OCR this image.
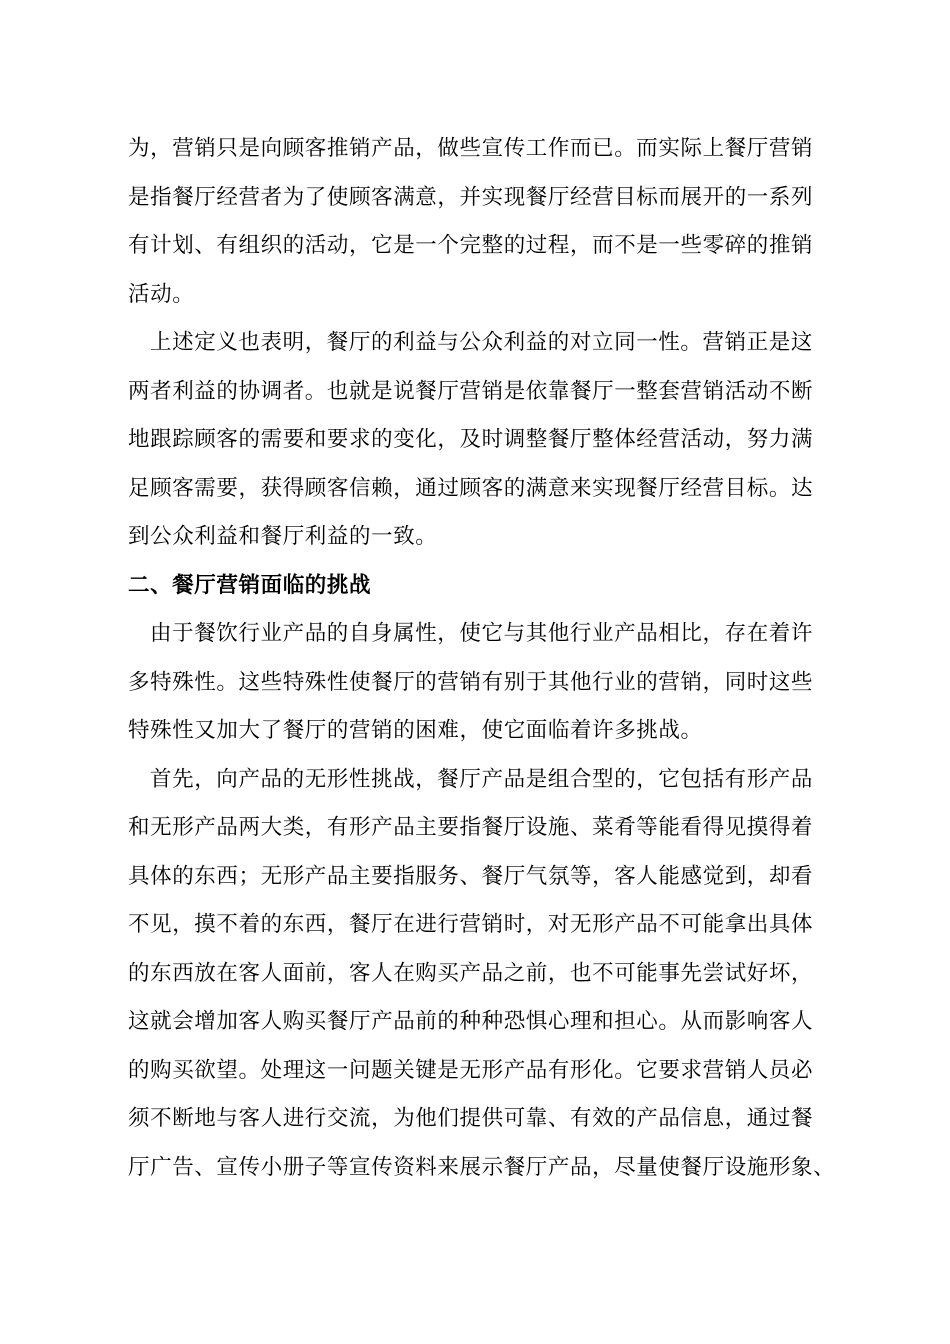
为，营销只是向顾客推销产品，做些宣传工作而已。而实际上餐厅营销
是指餐厅经营者为了使顾客满意，并实现餐厅经营目标而展开的一系列
有计划、有组织的活动，它是一个完整的过程，而不是一些零碎的推销
活动。

上述定义也表明，餐厅的利益与公众利益的对立同一性。营销正是这
两者利益的协调者。也就是说餐厅营销是依靠餐厅一整套营销活动不断
地跟踪顾客的需要和要求的变化，及时调整餐厅整体经营活动，努力满
足顾客需要，获得顾客信赖，通过顾客的满意来实现餐厅经营目标。达
到公众利益和餐厅利益的一致。

二、餐厅营销面临的挑战

由于餐饮行业产品的自身属性，使它与其他行业产品相比，存在着许
多特殊性。这些特殊性使餐厅的营销有别于其他行业的营销，同时这些
特殊性又加大了餐厅的营销的困难，使它面临着许多挑战。

首先，向产品的无形性挑战，餐厅产品是组合型的，它包括有形产品
和无形产品两大类，有形产品主要指餐厅设施、菜肴等能看得见摸得着
具体的东西；无形产品主要指服务、餐厅气氛等，客人能感觉到，却看
不见，摸不着的东西，餐厅在进行营销时，对无形产品不可能拿出具体
的东西放在客人面前，客人在购买产品之前，也不可能事先尝试好坏，
这就会增加客人购买餐厅产品前的种种恐惧心理和担心。从而影响客人
的购买欲望。处理这一问题关键是无形产品有形化。它要求营销人员必
须不断地与客人进行交流，为他们提供可靠、有效的产品信息，通过餐
厅广告、宣传小册子等宣传资料来展示餐厅产品，尽量使餐厅设施形象、
